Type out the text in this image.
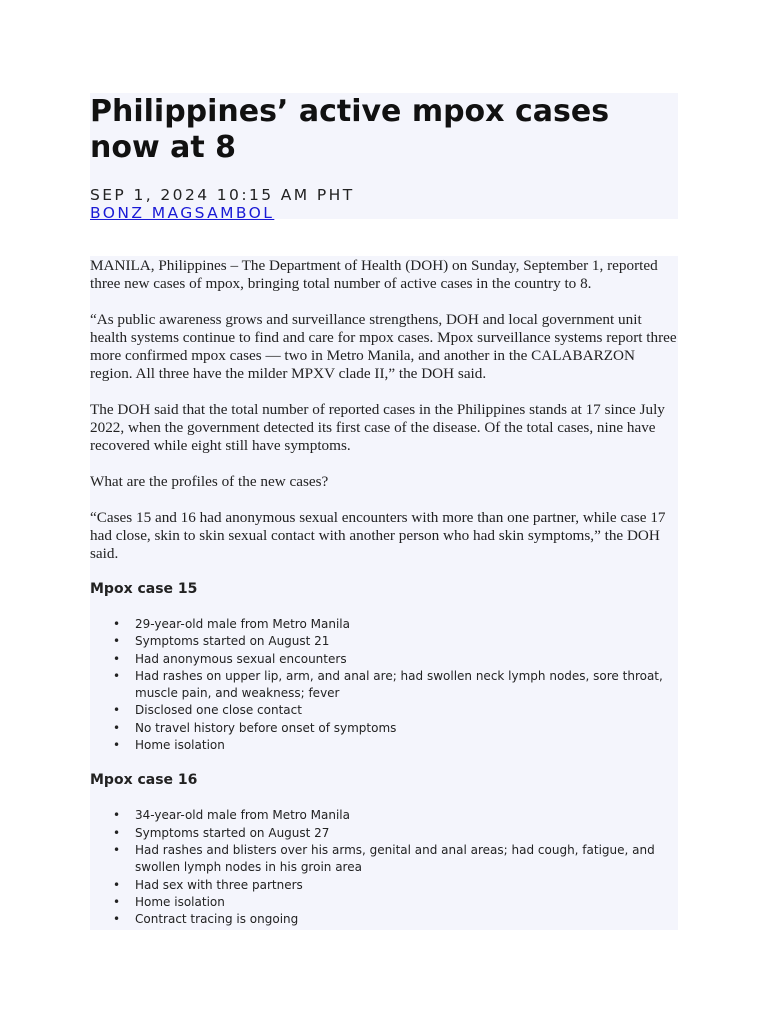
Philippines’ active mpox cases now at 8
SEP 1, 2024 10:15 AM PHT
BONZ MAGSAMBOL

MANILA, Philippines – The Department of Health (DOH) on Sunday, September 1, reported three new cases of mpox, bringing total number of active cases in the country to 8.

“As public awareness grows and surveillance strengthens, DOH and local government unit health systems continue to find and care for mpox cases. Mpox surveillance systems report three more confirmed mpox cases — two in Metro Manila, and another in the CALABARZON region. All three have the milder MPXV clade II,” the DOH said.

The DOH said that the total number of reported cases in the Philippines stands at 17 since July 2022, when the government detected its first case of the disease. Of the total cases, nine have recovered while eight still have symptoms.

What are the profiles of the new cases?

“Cases 15 and 16 had anonymous sexual encounters with more than one partner, while case 17 had close, skin to skin sexual contact with another person who had skin symptoms,” the DOH said.

Mpox case 15
• 29-year-old male from Metro Manila
• Symptoms started on August 21
• Had anonymous sexual encounters
• Had rashes on upper lip, arm, and anal are; had swollen neck lymph nodes, sore throat, muscle pain, and weakness; fever
• Disclosed one close contact
• No travel history before onset of symptoms
• Home isolation
Mpox case 16
• 34-year-old male from Metro Manila
• Symptoms started on August 27
• Had rashes and blisters over his arms, genital and anal areas; had cough, fatigue, and swollen lymph nodes in his groin area
• Had sex with three partners
• Home isolation
• Contract tracing is ongoing
